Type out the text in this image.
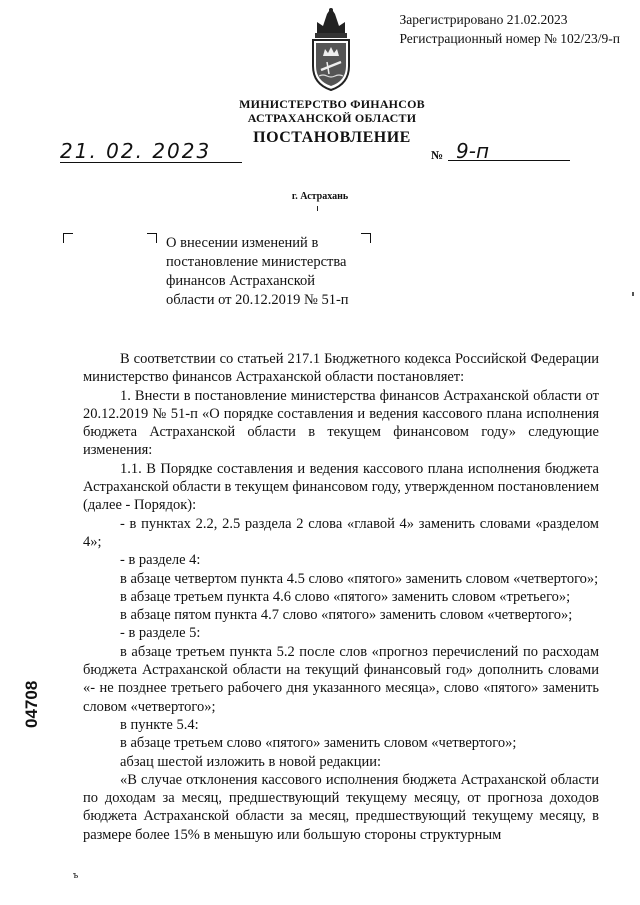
Зарегистрировано 21.02.2023
Регистрационный номер № 102/23/9-п
МИНИСТЕРСТВО ФИНАНСОВ
АСТРАХАНСКОЙ ОБЛАСТИ
ПОСТАНОВЛЕНИЕ
21. 02. 2023	№ 9-п
г. Астрахань
О внесении изменений в
постановление министерства
финансов Астраханской
области от 20.12.2019 № 51-п

В соответствии со статьей 217.1 Бюджетного кодекса Российской Федерации министерство финансов Астраханской области постановляет:

1. Внести в постановление министерства финансов Астраханской области от 20.12.2019 № 51-п «О порядке составления и ведения кассового плана исполнения бюджета Астраханской области в текущем финансовом году» следующие изменения:

1.1. В Порядке составления и ведения кассового плана исполнения бюджета Астраханской области в текущем финансовом году, утвержденном постановлением (далее - Порядок):

- в пунктах 2.2, 2.5 раздела 2 слова «главой 4» заменить словами «разделом 4»;

- в разделе 4:

в абзаце четвертом пункта 4.5 слово «пятого» заменить словом «четвертого»;

в абзаце третьем пункта 4.6 слово «пятого» заменить словом «третьего»;

в абзаце пятом пункта 4.7 слово «пятого» заменить словом «четвертого»;

- в разделе 5:

в абзаце третьем пункта 5.2 после слов «прогноз перечислений по расходам бюджета Астраханской области на текущий финансовый год» дополнить словами «- не позднее третьего рабочего дня указанного месяца», слово «пятого» заменить словом «четвертого»;

в пункте 5.4:

в абзаце третьем слово «пятого» заменить словом «четвертого»;

абзац шестой изложить в новой редакции:

«В случае отклонения кассового исполнения бюджета Астраханской области по доходам за месяц, предшествующий текущему месяцу, от прогноза доходов бюджета Астраханской области за месяц, предшествующий текущему месяцу, в размере более 15% в меньшую или большую стороны структурным

04708
ъ
